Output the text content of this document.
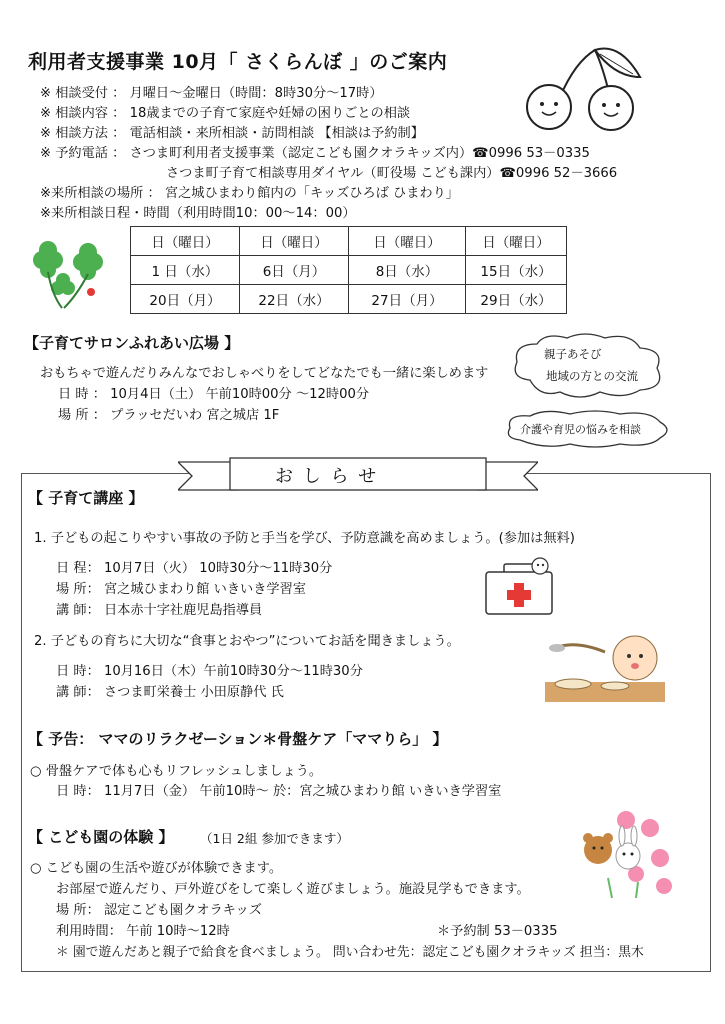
利用者支援事業 10月「 さくらんぼ 」のご案内
※ 相談受付 ： 月曜日～金曜日（時間：8時30分～17時）
※ 相談内容 ： 18歳までの子育て家庭や妊婦の困りごとの相談
※ 相談方法 ： 電話相談・来所相談・訪問相談 【相談は予約制】
※ 予約電話 ： さつま町利用者支援事業（認定こども園クオラキッズ内）☎0996 53－0335
さつま町子育て相談専用ダイヤル（町役場 こども課内）☎0996 52－3666
※来所相談の場所 ： 宮之城ひまわり館内の「キッズひろば ひまわり」
※来所相談日程・時間（利用時間10：00～14：00）
日（曜日）	日（曜日）	日（曜日）	日（曜日）
1 日（水）	6日（月）	8日（水）	15日（水）
20日（月）	22日（水）	27日（月）	29日（水）
【子育てサロンふれあい広場 】
おもちゃで遊んだりみんなでおしゃべりをしてどなたでも一緒に楽しめます
日 時 ： 10月4日（土） 午前10時00分 ～12時00分
場 所 ： プラッセだいわ 宮之城店 1F
親子あそび
地域の方との交流
介護や育児の悩みを相談
お し ら せ
【 子育て講座 】
1. 子どもの起こりやすい事故の予防と手当を学び、予防意識を高めましょう。(参加は無料)
日 程： 10月7日（火） 10時30分～11時30分
場 所： 宮之城ひまわり館 いきいき学習室
講 師： 日本赤十字社鹿児島指導員
2. 子どもの育ちに大切な“食事とおやつ”についてお話を聞きましょう。
日 時： 10月16日（木）午前10時30分～11時30分
講 師： さつま町栄養士 小田原静代 氏
【 予告： ママのリラクゼーション＊骨盤ケア「ママりら」 】
○ 骨盤ケアで体も心もリフレッシュしましょう。
日 時： 11月7日（金） 午前10時～ 於：宮之城ひまわり館 いきいき学習室
【 こども園の体験 】 （1日 2組 参加できます）
○ こども園の生活や遊びが体験できます。
お部屋で遊んだり、戸外遊びをして楽しく遊びましょう。施設見学もできます。
場 所： 認定こども園クオラキッズ
利用時間： 午前 10時～12時	＊予約制 53－0335
＊ 園で遊んだあと親子で給食を食べましょう。 問い合わせ先：認定こども園クオラキッズ 担当：黒木
